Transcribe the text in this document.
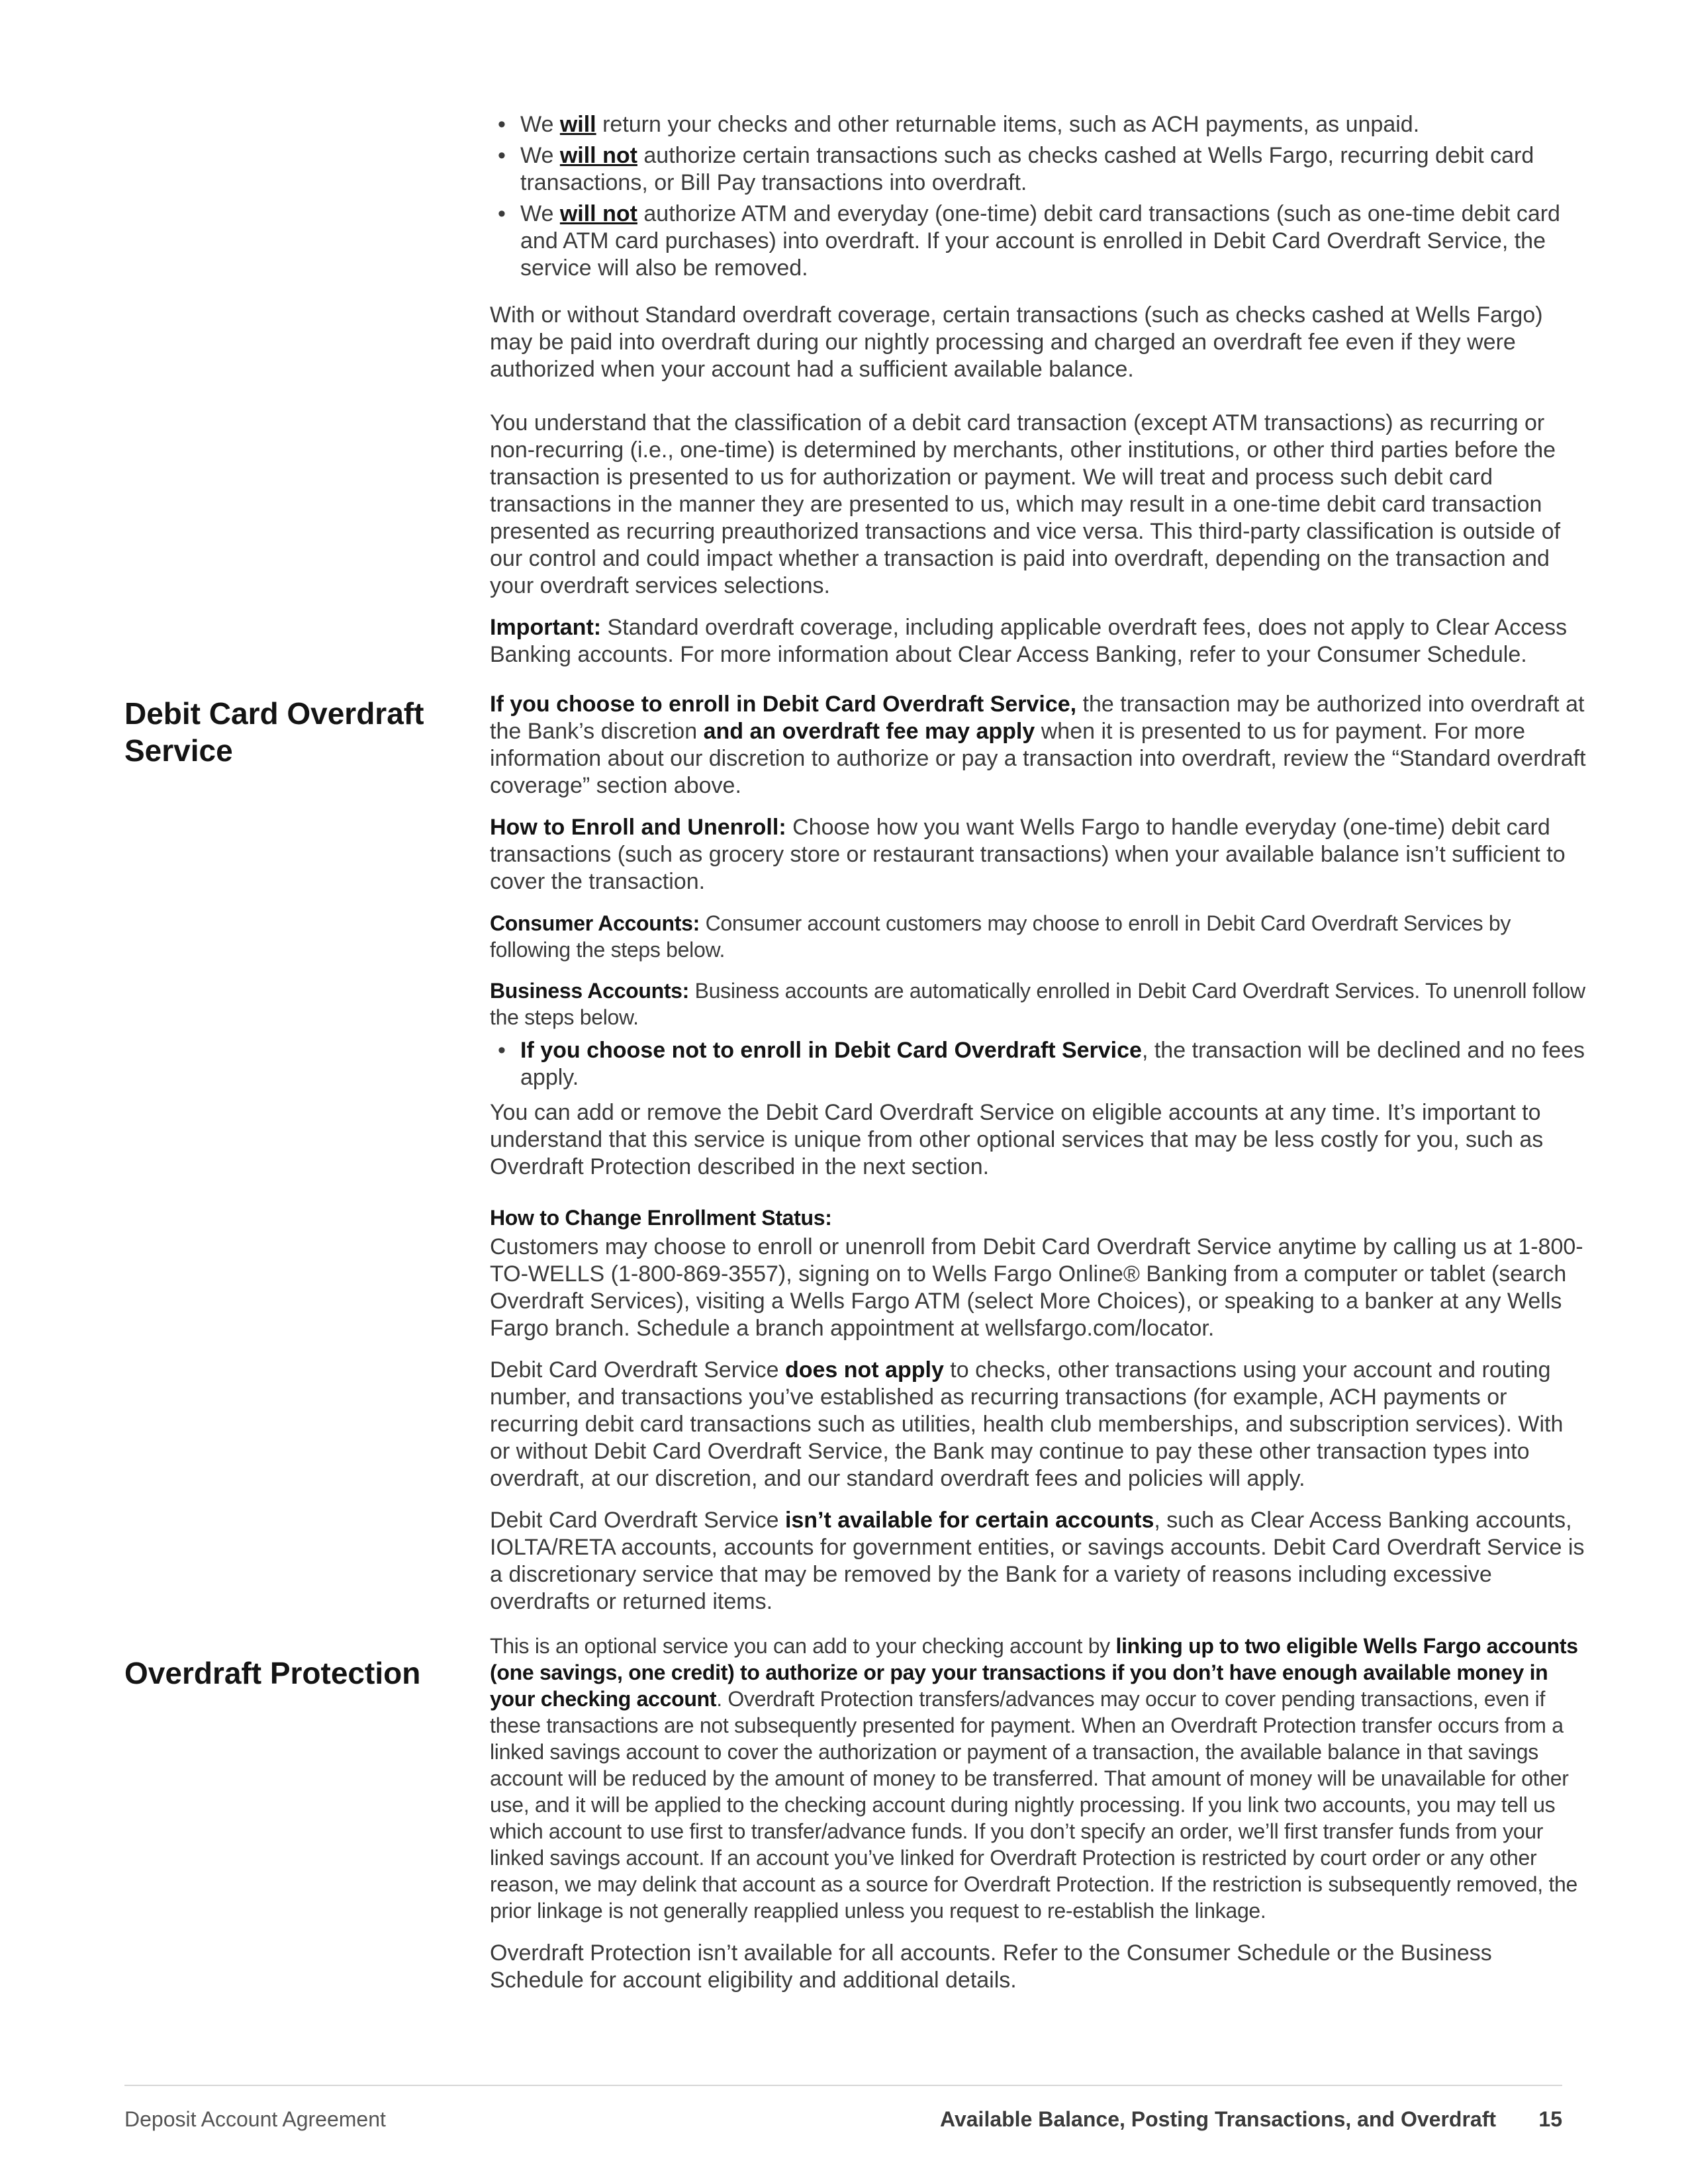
Debit Card Overdraft
Service
Overdraft Protection
• We will return your checks and other returnable items, such as ACH payments, as unpaid.
• We will not authorize certain transactions such as checks cashed at Wells Fargo, recurring debit card transactions, or Bill Pay transactions into overdraft.
• We will not authorize ATM and everyday (one-time) debit card transactions (such as one-time debit card and ATM card purchases) into overdraft. If your account is enrolled in Debit Card Overdraft Service, the service will also be removed.

With or without Standard overdraft coverage, certain transactions (such as checks cashed at Wells Fargo) may be paid into overdraft during our nightly processing and charged an overdraft fee even if they were authorized when your account had a sufficient available balance.

You understand that the classification of a debit card transaction (except ATM transactions) as recurring or non-recurring (i.e., one-time) is determined by merchants, other institutions, or other third parties before the transaction is presented to us for authorization or payment. We will treat and process such debit card transactions in the manner they are presented to us, which may result in a one-time debit card transaction presented as recurring preauthorized transactions and vice versa. This third-party classification is outside of our control and could impact whether a transaction is paid into overdraft, depending on the transaction and your overdraft services selections.

Important: Standard overdraft coverage, including applicable overdraft fees, does not apply to Clear Access Banking accounts. For more information about Clear Access Banking, refer to your Consumer Schedule.

If you choose to enroll in Debit Card Overdraft Service, the transaction may be authorized into overdraft at the Bank’s discretion and an overdraft fee may apply when it is presented to us for payment. For more information about our discretion to authorize or pay a transaction into overdraft, review the “Standard overdraft coverage” section above.

How to Enroll and Unenroll: Choose how you want Wells Fargo to handle everyday (one-time) debit card transactions (such as grocery store or restaurant transactions) when your available balance isn’t sufficient to cover the transaction.

Consumer Accounts: Consumer account customers may choose to enroll in Debit Card Overdraft Services by following the steps below.

Business Accounts: Business accounts are automatically enrolled in Debit Card Overdraft Services. To unenroll follow the steps below.

• If you choose not to enroll in Debit Card Overdraft Service, the transaction will be declined and no fees apply.

You can add or remove the Debit Card Overdraft Service on eligible accounts at any time. It’s important to understand that this service is unique from other optional services that may be less costly for you, such as Overdraft Protection described in the next section.

How to Change Enrollment Status:

Customers may choose to enroll or unenroll from Debit Card Overdraft Service anytime by calling us at 1-800-TO-WELLS (1-800-869-3557), signing on to Wells Fargo Online® Banking from a computer or tablet (search Overdraft Services), visiting a Wells Fargo ATM (select More Choices), or speaking to a banker at any Wells Fargo branch. Schedule a branch appointment at wellsfargo.com/locator.

Debit Card Overdraft Service does not apply to checks, other transactions using your account and routing number, and transactions you’ve established as recurring transactions (for example, ACH payments or recurring debit card transactions such as utilities, health club memberships, and subscription services). With or without Debit Card Overdraft Service, the Bank may continue to pay these other transaction types into overdraft, at our discretion, and our standard overdraft fees and policies will apply.

Debit Card Overdraft Service isn’t available for certain accounts, such as Clear Access Banking accounts, IOLTA/RETA accounts, accounts for government entities, or savings accounts. Debit Card Overdraft Service is a discretionary service that may be removed by the Bank for a variety of reasons including excessive overdrafts or returned items.

This is an optional service you can add to your checking account by linking up to two eligible Wells Fargo accounts (one savings, one credit) to authorize or pay your transactions if you don’t have enough available money in your checking account. Overdraft Protection transfers/advances may occur to cover pending transactions, even if these transactions are not subsequently presented for payment. When an Overdraft Protection transfer occurs from a linked savings account to cover the authorization or payment of a transaction, the available balance in that savings account will be reduced by the amount of money to be transferred. That amount of money will be unavailable for other use, and it will be applied to the checking account during nightly processing. If you link two accounts, you may tell us which account to use first to transfer/advance funds. If you don’t specify an order, we’ll first transfer funds from your linked savings account. If an account you’ve linked for Overdraft Protection is restricted by court order or any other reason, we may delink that account as a source for Overdraft Protection. If the restriction is subsequently removed, the prior linkage is not generally reapplied unless you request to re-establish the linkage.

Overdraft Protection isn’t available for all accounts. Refer to the Consumer Schedule or the Business Schedule for account eligibility and additional details.

Deposit Account Agreement	Available Balance, Posting Transactions, and Overdraft	15
